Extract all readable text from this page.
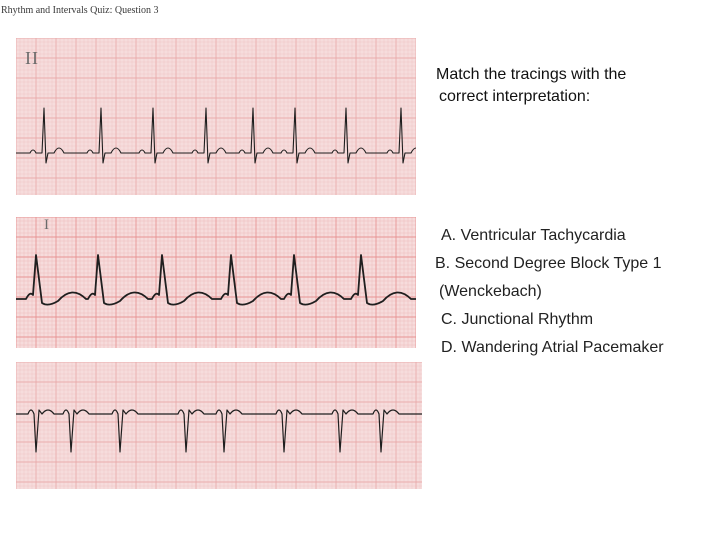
Rhythm and Intervals Quiz: Question 3
II
I
Match the tracings with the
correct interpretation:
A. Ventricular Tachycardia
B. Second Degree Block Type 1
(Wenckebach)
C. Junctional Rhythm
D. Wandering Atrial Pacemaker
